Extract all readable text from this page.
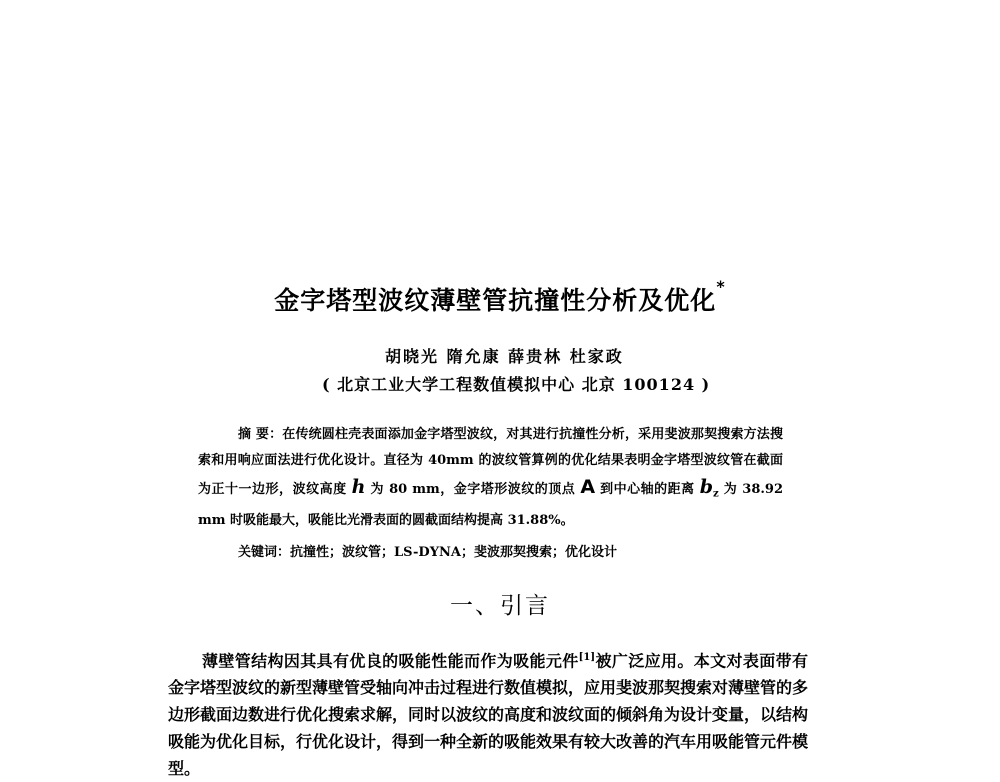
金字塔型波纹薄壁管抗撞性分析及优化*
胡晓光 隋允康 薛贵林 杜家政
( 北京工业大学工程数值模拟中心 北京 100124 )
摘 要：在传统圆柱壳表面添加金字塔型波纹，对其进行抗撞性分析，采用斐波那契搜索方法搜索和用响应面法进行优化设计。直径为 40mm 的波纹管算例的优化结果表明金字塔型波纹管在截面为正十一边形，波纹高度 h 为 80 mm，金字塔形波纹的顶点 A 到中心轴的距离 $b_z$ 为 38.92 mm 时吸能最大，吸能比光滑表面的圆截面结构提高 31.88%。
关键词：抗撞性；波纹管；LS-DYNA；斐波那契搜索；优化设计
一、引言
薄壁管结构因其具有优良的吸能性能而作为吸能元件[1]被广泛应用。本文对表面带有金字塔型波纹的新型薄壁管受轴向冲击过程进行数值模拟，应用斐波那契搜索对薄壁管的多边形截面边数进行优化搜索求解，同时以波纹的高度和波纹面的倾斜角为设计变量，以结构吸能为优化目标，行优化设计，得到一种全新的吸能效果有较大改善的汽车用吸能管元件模型。
